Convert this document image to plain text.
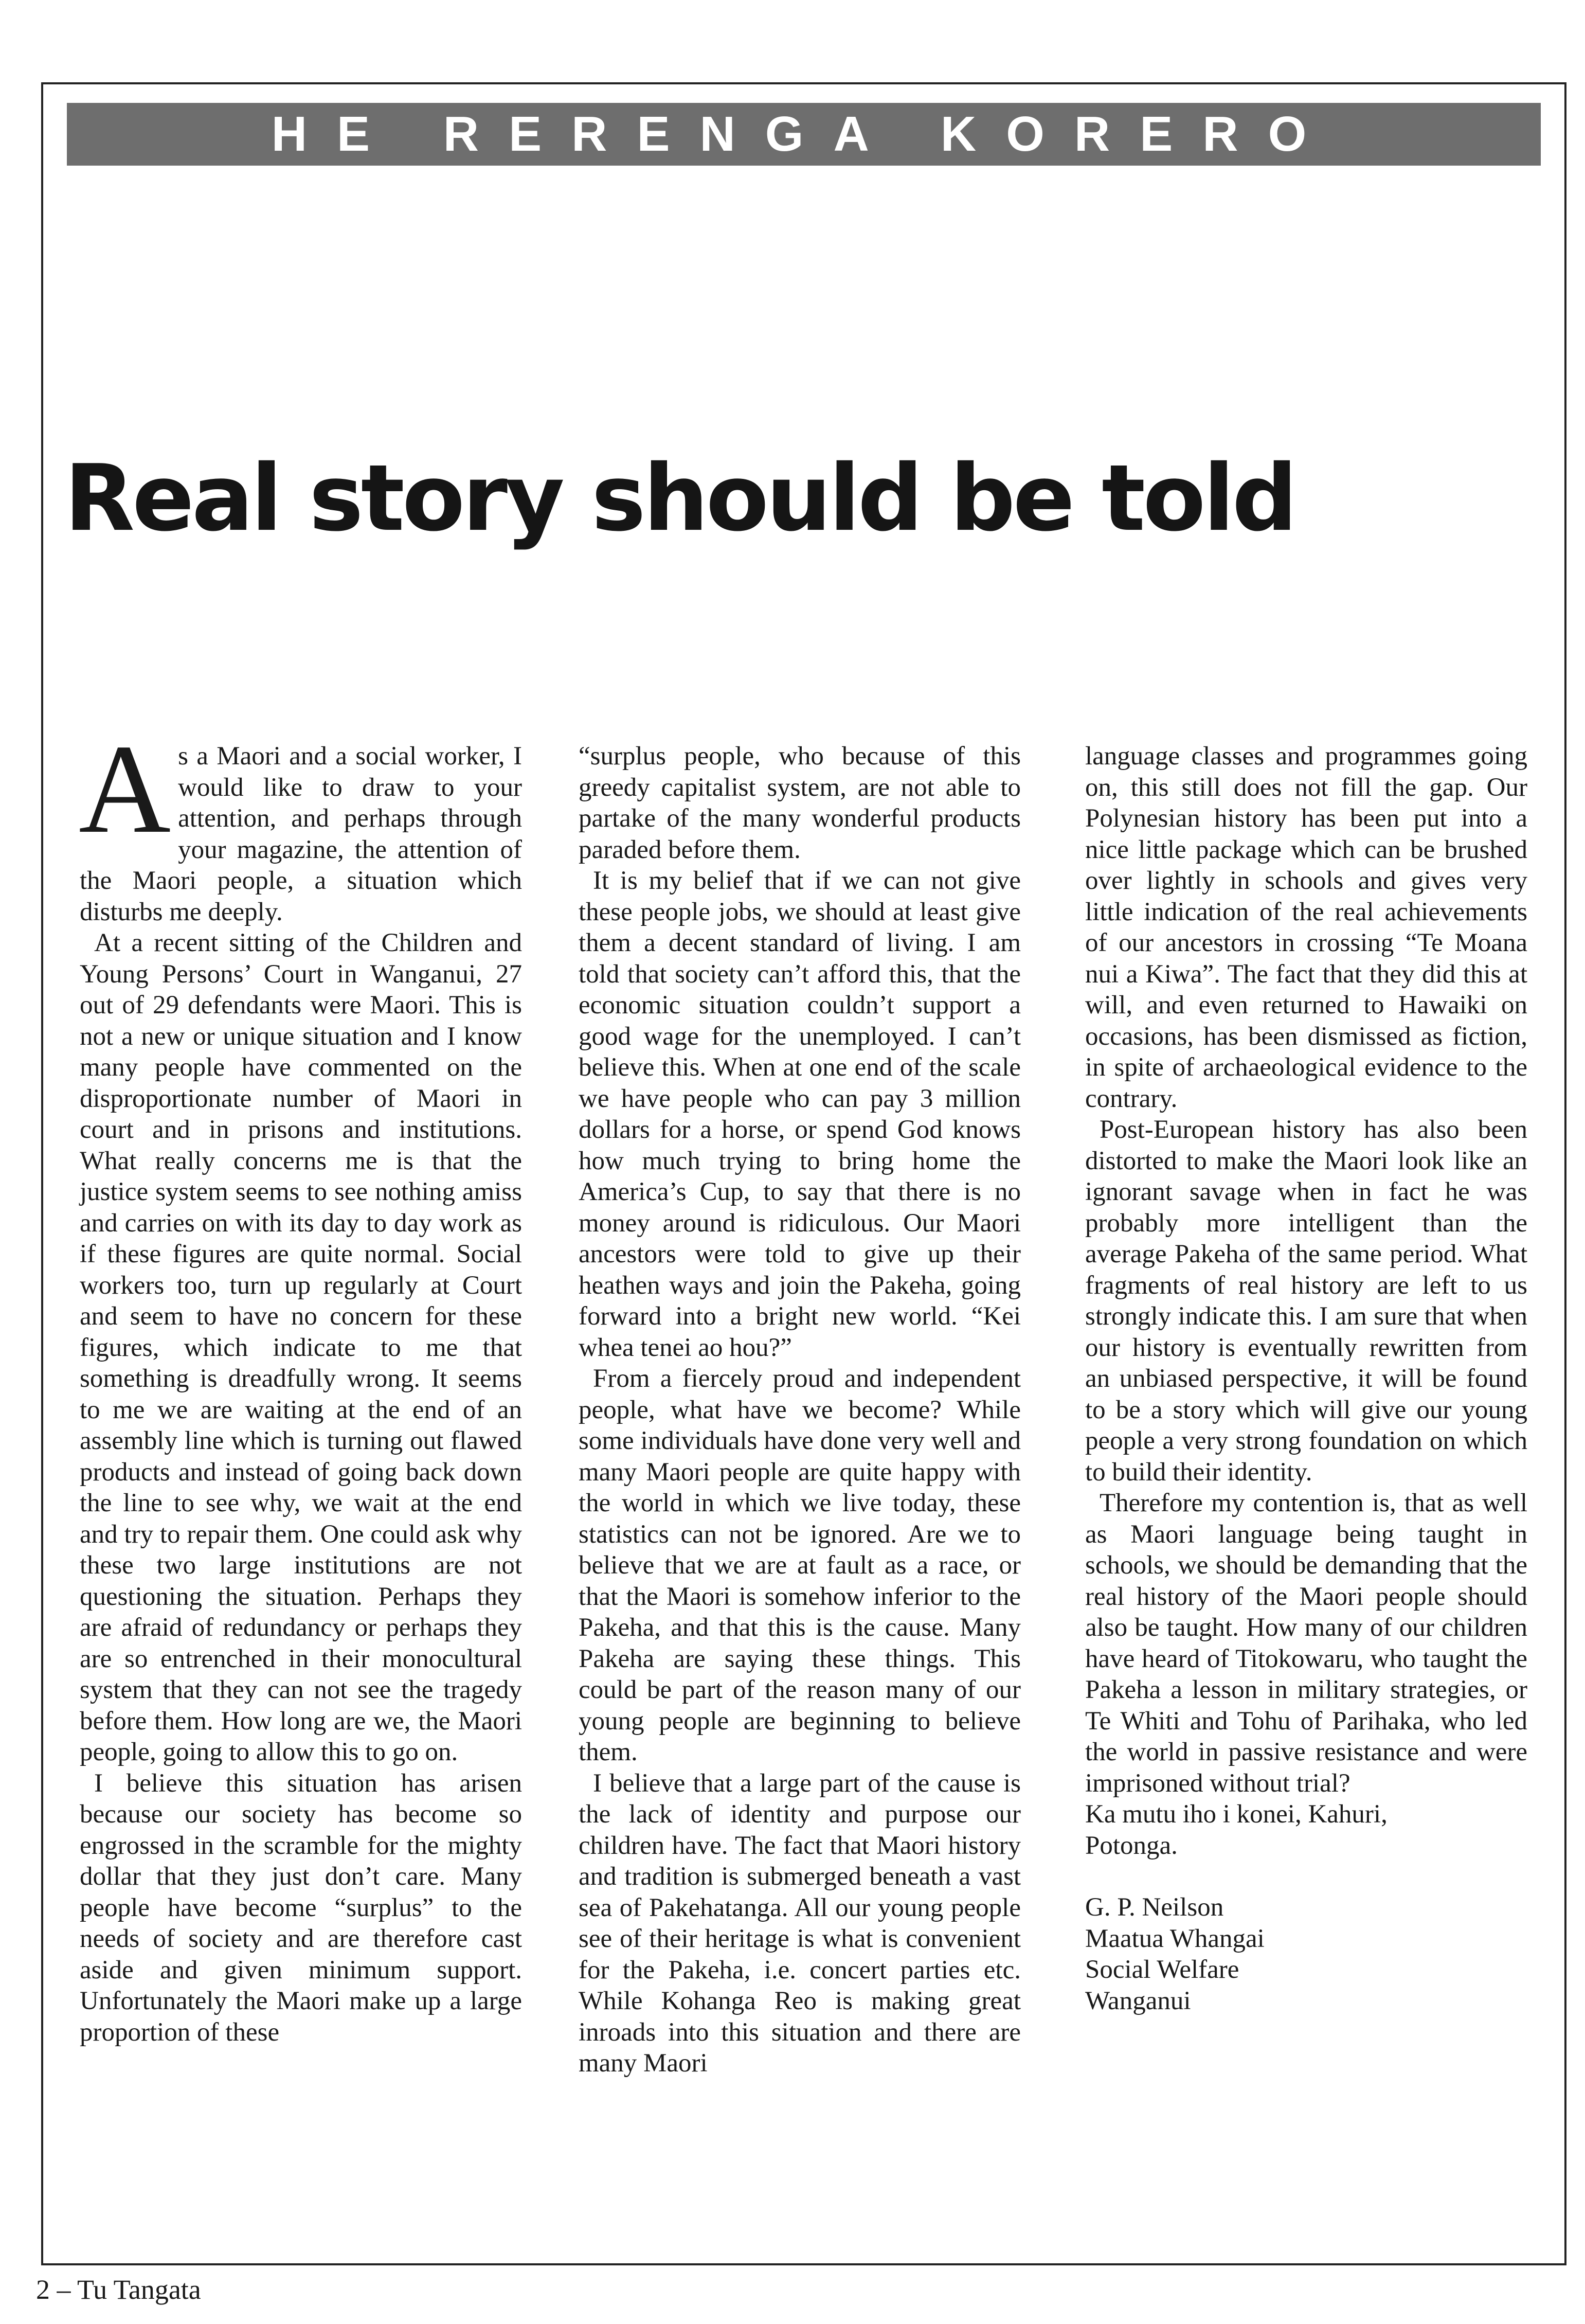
HE RERENGA KORERO
Real story should be told

As a Maori and a social worker, I would like to draw to your attention, and perhaps through your magazine, the attention of the Maori people, a situation which disturbs me deeply.

At a recent sitting of the Children and Young Persons’ Court in Wanganui, 27 out of 29 defendants were Maori. This is not a new or unique situation and I know many people have commented on the disproportionate number of Maori in court and in prisons and institutions. What really concerns me is that the justice system seems to see nothing amiss and carries on with its day to day work as if these figures are quite normal. Social workers too, turn up regularly at Court and seem to have no concern for these figures, which indicate to me that something is dreadfully wrong. It seems to me we are waiting at the end of an assembly line which is turning out flawed products and instead of going back down the line to see why, we wait at the end and try to repair them. One could ask why these two large institutions are not questioning the situation. Perhaps they are afraid of redundancy or perhaps they are so entrenched in their monocultural system that they can not see the tragedy before them. How long are we, the Maori people, going to allow this to go on.

I believe this situation has arisen because our society has become so engrossed in the scramble for the mighty dollar that they just don’t care. Many people have become “surplus” to the needs of society and are therefore cast aside and given minimum support. Unfortunately the Maori make up a large proportion of these

“surplus people, who because of this greedy capitalist system, are not able to partake of the many wonderful products paraded before them.

It is my belief that if we can not give these people jobs, we should at least give them a decent standard of living. I am told that society can’t afford this, that the economic situation couldn’t support a good wage for the unemployed. I can’t believe this. When at one end of the scale we have people who can pay 3 million dollars for a horse, or spend God knows how much trying to bring home the America’s Cup, to say that there is no money around is ridiculous. Our Maori ancestors were told to give up their heathen ways and join the Pakeha, going forward into a bright new world. “Kei whea tenei ao hou?”

From a fiercely proud and independent people, what have we become? While some individuals have done very well and many Maori people are quite happy with the world in which we live today, these statistics can not be ignored. Are we to believe that we are at fault as a race, or that the Maori is somehow inferior to the Pakeha, and that this is the cause. Many Pakeha are saying these things. This could be part of the reason many of our young people are beginning to believe them.

I believe that a large part of the cause is the lack of identity and purpose our children have. The fact that Maori history and tradition is submerged beneath a vast sea of Pakehatanga. All our young people see of their heritage is what is convenient for the Pakeha, i.e. concert parties etc. While Kohanga Reo is making great inroads into this situation and there are many Maori

language classes and programmes going on, this still does not fill the gap. Our Polynesian history has been put into a nice little package which can be brushed over lightly in schools and gives very little indication of the real achievements of our ancestors in crossing “Te Moana nui a Kiwa”. The fact that they did this at will, and even returned to Hawaiki on occasions, has been dismissed as fiction, in spite of archaeological evidence to the contrary.

Post-European history has also been distorted to make the Maori look like an ignorant savage when in fact he was probably more intelligent than the average Pakeha of the same period. What fragments of real history are left to us strongly indicate this. I am sure that when our history is eventually rewritten from an unbiased perspective, it will be found to be a story which will give our young people a very strong foundation on which to build their identity.

Therefore my contention is, that as well as Maori language being taught in schools, we should be demanding that the real history of the Maori people should also be taught. How many of our children have heard of Titokowaru, who taught the Pakeha a lesson in military strategies, or Te Whiti and Tohu of Parihaka, who led the world in passive resistance and were imprisoned without trial?

Ka mutu iho i konei, Kahuri,

Potonga.

G. P. Neilson
Maatua Whangai
Social Welfare
Wanganui
2 – Tu Tangata
